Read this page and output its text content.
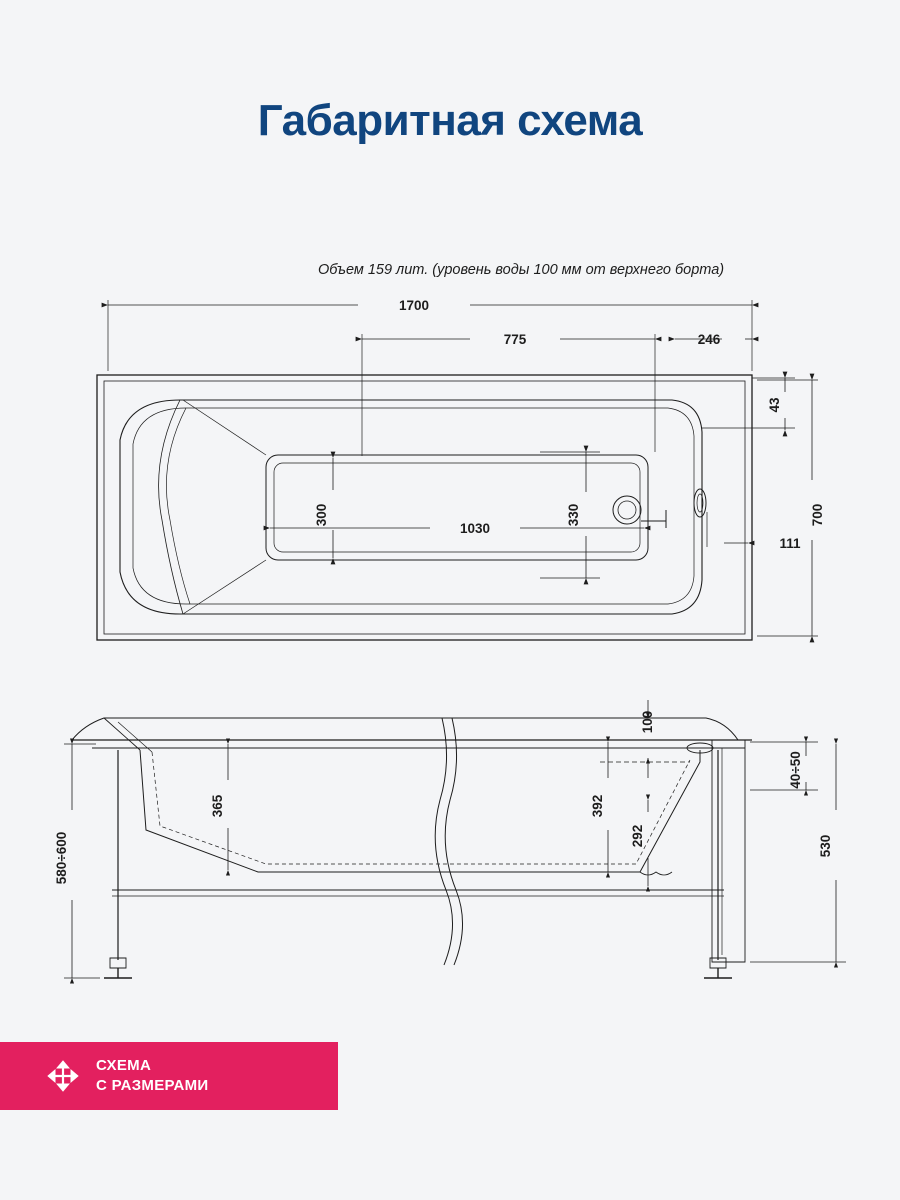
Габаритная схема
Объем 159 лит. (уровень воды 100 мм от верхнего борта)
1700
775	246
1030
700
300	330
43
111
100
365	392
292	530
40÷50
580÷600
СХЕМА
С РАЗМЕРАМИ
